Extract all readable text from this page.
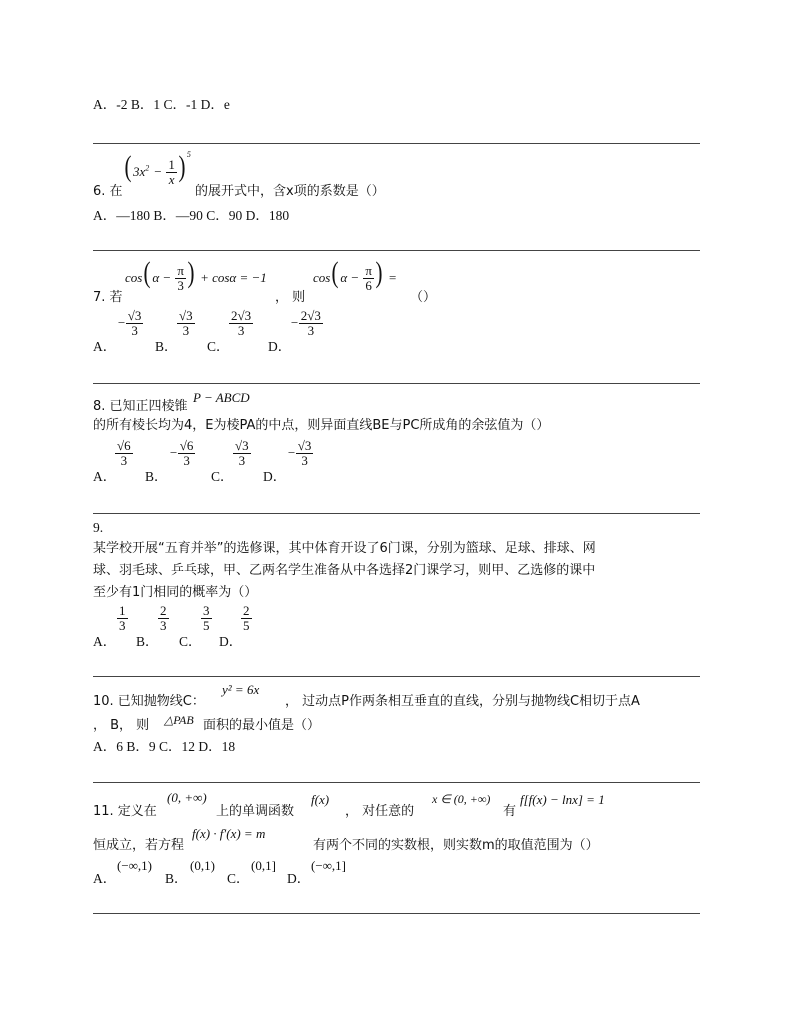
A．-2 B．1 C．-1 D．e
6. 在
( $3x^2 - \frac{1}{x}$ ) $^5$
的展开式中，含x项的系数是（）
A．—180 B．—90 C．90 D．180
7. 若
cos( $\alpha - \frac{\pi}{3}$ ) + cosα = −1
， 则
cos( $\alpha - \frac{\pi}{6}$ ) =
（）
A．
− $\frac{√3}{3}$
B．
$\frac{√3}{3}$
C．
$\frac{2√3}{3}$
D．
− $\frac{2√3}{3}$
8. 已知正四棱锥
P − ABCD
的所有棱长均为4，E为棱PA的中点，则异面直线BE与PC所成角的余弦值为（）
A．
$\frac{√6}{3}$
B．
− $\frac{√6}{3}$
C．
$\frac{√3}{3}$
D．
− $\frac{√3}{3}$
9.
某学校开展“五育并举”的选修课，其中体育开设了6门课，分别为篮球、足球、排球、网
球、羽毛球、乒乓球，甲、乙两名学生准备从中各选择2门课学习，则甲、乙选修的课中
至少有1门相同的概率为（）
A．
$\frac{1}{3}$
B．
$\frac{2}{3}$
C．
$\frac{3}{5}$
D．
$\frac{2}{5}$
10. 已知抛物线C：
y² = 6x
， 过动点P作两条相互垂直的直线，分别与抛物线C相切于点A
， B， 则 △PAB 面积的最小值是（）
A．6 B．9 C．12 D．18
11. 定义在
(0, +∞)
上的单调函数
f(x)
， 对任意的
x ∈ (0, +∞)
有
f[f(x) − lnx] = 1
恒成立，若方程
f(x) · f′(x) = m
有两个不同的实数根，则实数m的取值范围为（）
A．
(−∞,1)
B．
(0,1)
C．
(0,1]
D．
(−∞,1]
